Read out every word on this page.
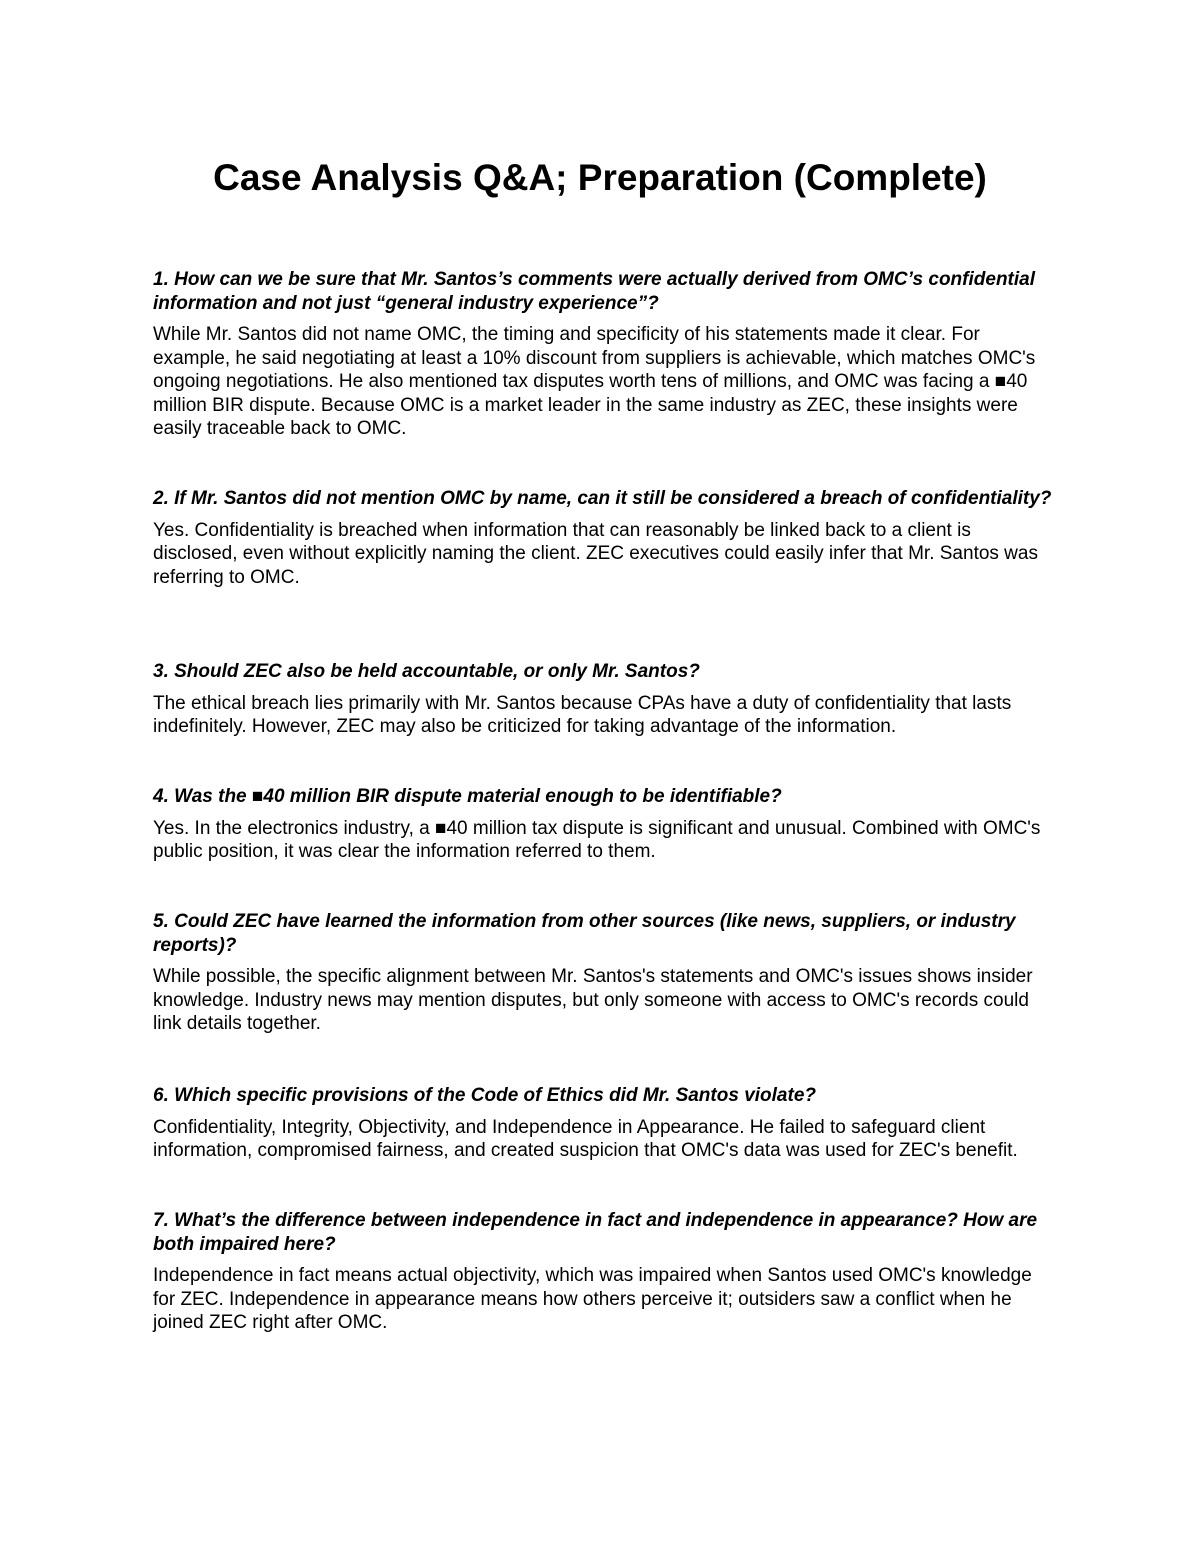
Case Analysis Q&A; Preparation (Complete)

1. How can we be sure that Mr. Santos’s comments were actually derived from OMC’s confidential information and not just “general industry experience”?

While Mr. Santos did not name OMC, the timing and specificity of his statements made it clear. For example, he said negotiating at least a 10% discount from suppliers is achievable, which matches OMC's ongoing negotiations. He also mentioned tax disputes worth tens of millions, and OMC was facing a ■40 million BIR dispute. Because OMC is a market leader in the same industry as ZEC, these insights were easily traceable back to OMC.

2. If Mr. Santos did not mention OMC by name, can it still be considered a breach of confidentiality?

Yes. Confidentiality is breached when information that can reasonably be linked back to a client is disclosed, even without explicitly naming the client. ZEC executives could easily infer that Mr. Santos was referring to OMC.

3. Should ZEC also be held accountable, or only Mr. Santos?

The ethical breach lies primarily with Mr. Santos because CPAs have a duty of confidentiality that lasts indefinitely. However, ZEC may also be criticized for taking advantage of the information.

4. Was the ■40 million BIR dispute material enough to be identifiable?

Yes. In the electronics industry, a ■40 million tax dispute is significant and unusual. Combined with OMC's public position, it was clear the information referred to them.

5. Could ZEC have learned the information from other sources (like news, suppliers, or industry reports)?

While possible, the specific alignment between Mr. Santos's statements and OMC's issues shows insider knowledge. Industry news may mention disputes, but only someone with access to OMC's records could link details together.

6. Which specific provisions of the Code of Ethics did Mr. Santos violate?

Confidentiality, Integrity, Objectivity, and Independence in Appearance. He failed to safeguard client information, compromised fairness, and created suspicion that OMC's data was used for ZEC's benefit.

7. What’s the difference between independence in fact and independence in appearance? How are both impaired here?

Independence in fact means actual objectivity, which was impaired when Santos used OMC's knowledge for ZEC. Independence in appearance means how others perceive it; outsiders saw a conflict when he joined ZEC right after OMC.
